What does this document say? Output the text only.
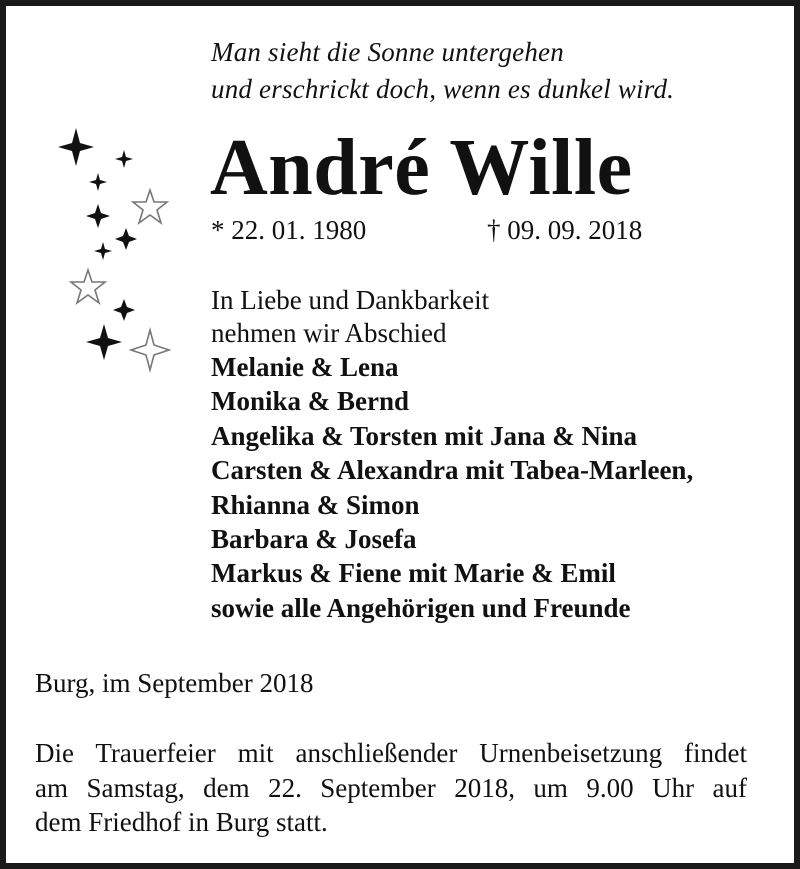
Man sieht die Sonne untergehen
und erschrickt doch, wenn es dunkel wird.
André Wille
* 22. 01. 1980	† 09. 09. 2018
In Liebe und Dankbarkeit
nehmen wir Abschied
Melanie & Lena
Monika & Bernd
Angelika & Torsten mit Jana & Nina
Carsten & Alexandra mit Tabea-Marleen,
Rhianna & Simon
Barbara & Josefa
Markus & Fiene mit Marie & Emil
sowie alle Angehörigen und Freunde
Burg, im September 2018
Die Trauerfeier mit anschließender Urnenbeisetzung findet
am Samstag, dem 22. September 2018, um 9.00 Uhr auf
dem Friedhof in Burg statt.
